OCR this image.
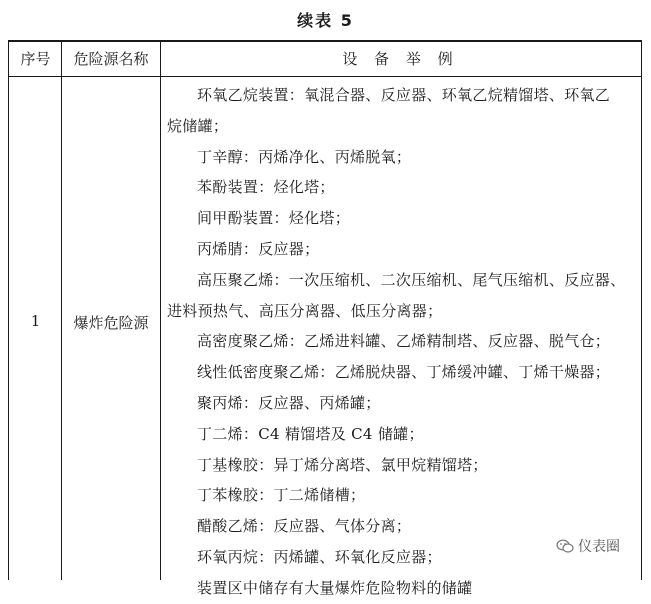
续表 5
序号	危险源名称	设 备 举 例
1	爆炸危险源
环氧乙烷装置：氧混合器、反应器、环氧乙烷精馏塔、环氧乙
烷储罐；
丁辛醇：丙烯净化、丙烯脱氧；
苯酚装置：烃化塔；
间甲酚装置：烃化塔；
丙烯腈：反应器；
高压聚乙烯：一次压缩机、二次压缩机、尾气压缩机、反应器、
进料预热气、高压分离器、低压分离器；
高密度聚乙烯：乙烯进料罐、乙烯精制塔、反应器、脱气仓；
线性低密度聚乙烯：乙烯脱炔器、丁烯缓冲罐、丁烯干燥器；
聚丙烯：反应器、丙烯罐；
丁二烯：C4 精馏塔及 C4 储罐；
丁基橡胶：异丁烯分离塔、氯甲烷精馏塔；
丁苯橡胶：丁二烯储槽；
醋酸乙烯：反应器、气体分离；
环氧丙烷：丙烯罐、环氧化反应器；
装置区中储存有大量爆炸危险物料的储罐
仪表圈
